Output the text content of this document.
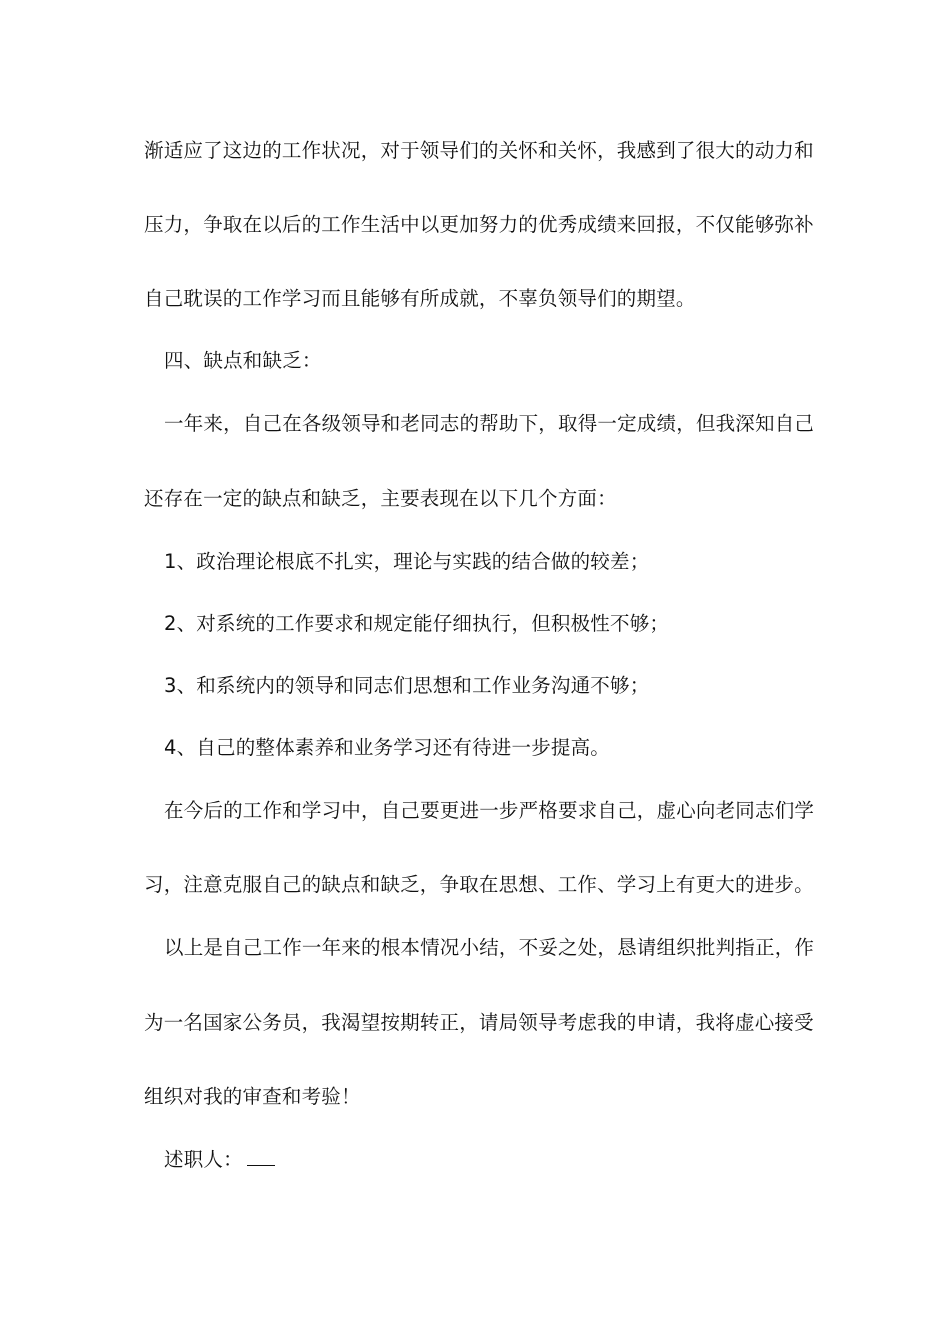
渐适应了这边的工作状况，对于领导们的关怀和关怀，我感到了很大的动力和
压力，争取在以后的工作生活中以更加努力的优秀成绩来回报，不仅能够弥补
自己耽误的工作学习而且能够有所成就，不辜负领导们的期望。
四、缺点和缺乏：
一年来，自己在各级领导和老同志的帮助下，取得一定成绩，但我深知自己
还存在一定的缺点和缺乏，主要表现在以下几个方面：
1、政治理论根底不扎实，理论与实践的结合做的较差；
2、对系统的工作要求和规定能仔细执行，但积极性不够；
3、和系统内的领导和同志们思想和工作业务沟通不够；
4、自己的整体素养和业务学习还有待进一步提高。
在今后的工作和学习中，自己要更进一步严格要求自己，虚心向老同志们学
习，注意克服自己的缺点和缺乏，争取在思想、工作、学习上有更大的进步。
以上是自己工作一年来的根本情况小结，不妥之处，恳请组织批判指正，作
为一名国家公务员，我渴望按期转正，请局领导考虑我的申请，我将虚心接受
组织对我的审查和考验！
述职人：
